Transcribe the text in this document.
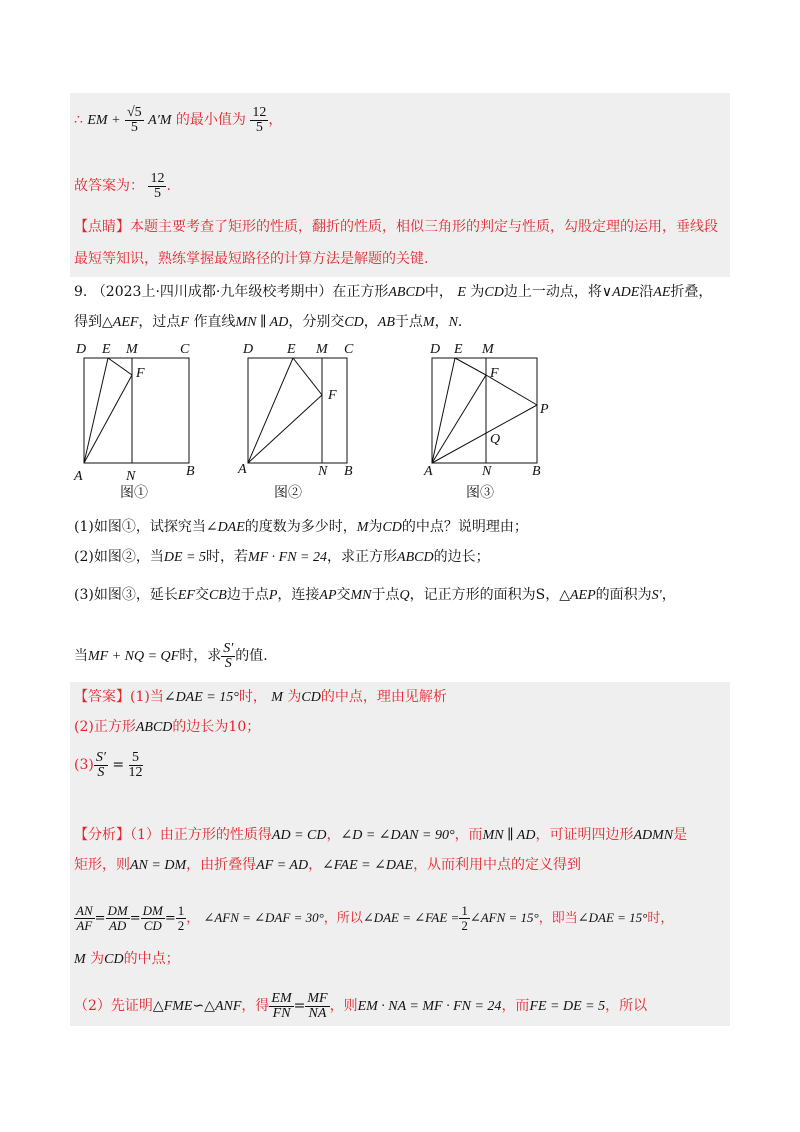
∴ EM + $\frac{√5}{5} A'M$ 的最小值为 $\frac{12}{5}$ ，
故答案为： $\frac{12}{5}$ .
【点睛】本题主要考查了矩形的性质，翻折的性质，相似三角形的判定与性质，勾股定理的运用，垂线段
最短等知识，熟练掌握最短路径的计算方法是解题的关键.
9. （2023上·四川成都·九年级校考期中）在正方形ABCD中， E 为CD边上一动点，将∨ADE沿AE折叠，
得到△AEF，过点F 作直线MN ∥ AD，分别交CD，AB于点M，N.
D E M	C
F
A	N	B
图①
D E M C
F
A	N B
图②
D E M
F
P
Q
A	N	B
图③
(1)如图①，试探究当∠DAE的度数为多少时，M为CD的中点？说明理由；
(2)如图②，当DE = 5时，若MF · FN = 24，求正方形ABCD的边长；
(3)如图③，延长EF交CB边于点P，连接AP交MN于点Q，记正方形的面积为S，△AEP的面积为S′，
当MF + NQ = QF时，求 $\frac{S'}{S}$ 的值.
【答案】(1)当∠DAE = 15°时， M 为CD的中点，理由见解析
(2)正方形ABCD的边长为10；
$(3) \frac{S'}{S} = \frac{5}{12}$
【分析】（1）由正方形的性质得AD = CD，∠D = ∠DAN = 90°，而MN ∥ AD，可证明四边形ADMN是
矩形，则AN = DM，由折叠得AF = AD，∠FAE = ∠DAE，从而利用中点的定义得到
$\frac{AN}{AF} = \frac{DM}{AD} = \frac{DM}{CD} = \frac{1}{2}$ ， ∠AFN = ∠DAF = 30°，所以∠DAE = ∠FAE = $\frac{1}{2}$ ∠AFN = 15°，即当∠DAE = 15°时，
M 为CD的中点；
（2）先证明△FME∽△ANF，得 $\frac{EM}{FN} = \frac{MF}{NA}$ ，则EM · NA = MF · FN = 24，而FE = DE = 5，所以
